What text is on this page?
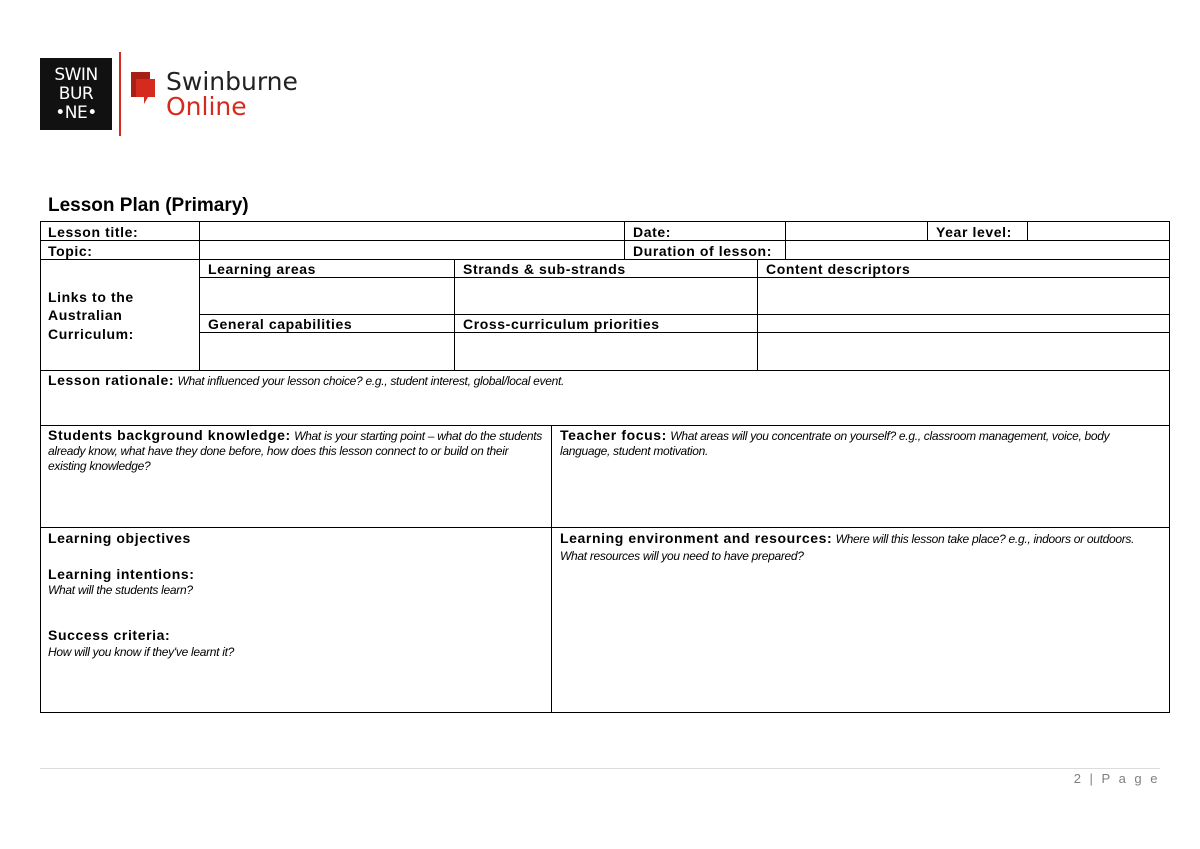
SWIN
BUR
•NE•
Swinburne
Online
Lesson Plan (Primary)
Lesson title:	Date:	Year level:
Topic:	Duration of lesson:
Links to the
Australian
Curriculum:
Learning areas	Strands & sub-strands	Content descriptors
General capabilities	Cross-curriculum priorities
Lesson rationale: What influenced your lesson choice? e.g., student interest, global/local event.
Students background knowledge: What is your starting point – what do the students already know, what have they done before, how does this lesson connect to or build on their existing knowledge?
Teacher focus: What areas will you concentrate on yourself? e.g., classroom management, voice, body language, student motivation.
Learning objectives
Learning intentions:
What will the students learn?
Success criteria:
How will you know if they've learnt it?
Learning environment and resources: Where will this lesson take place? e.g., indoors or outdoors. What resources will you need to have prepared?
2 | P a g e
